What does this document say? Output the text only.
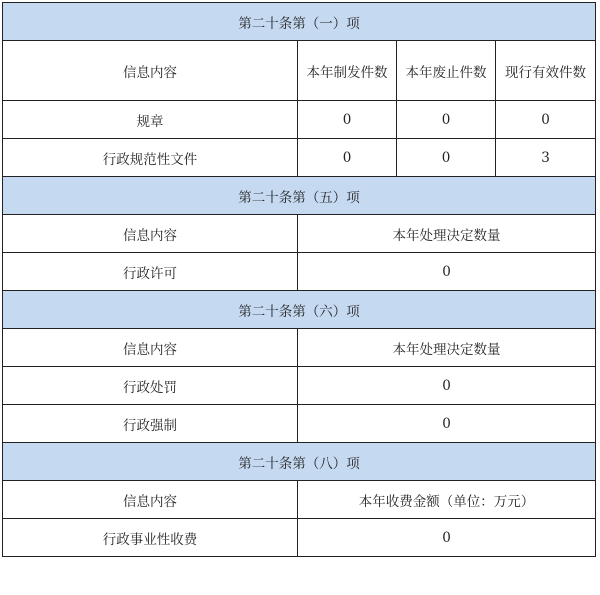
第二十条第（一）项			
信息内容	本年制发件数	本年废止件数	现行有效件数
规章	0	0	0
行政规范性文件	0	0	3
第二十条第（五）项			
信息内容	本年处理决定数量		
行政许可	0		
第二十条第（六）项			
信息内容	本年处理决定数量		
行政处罚	0		
行政强制	0		
第二十条第（八）项			
信息内容	本年收费金额（单位：万元）		
行政事业性收费	0		
